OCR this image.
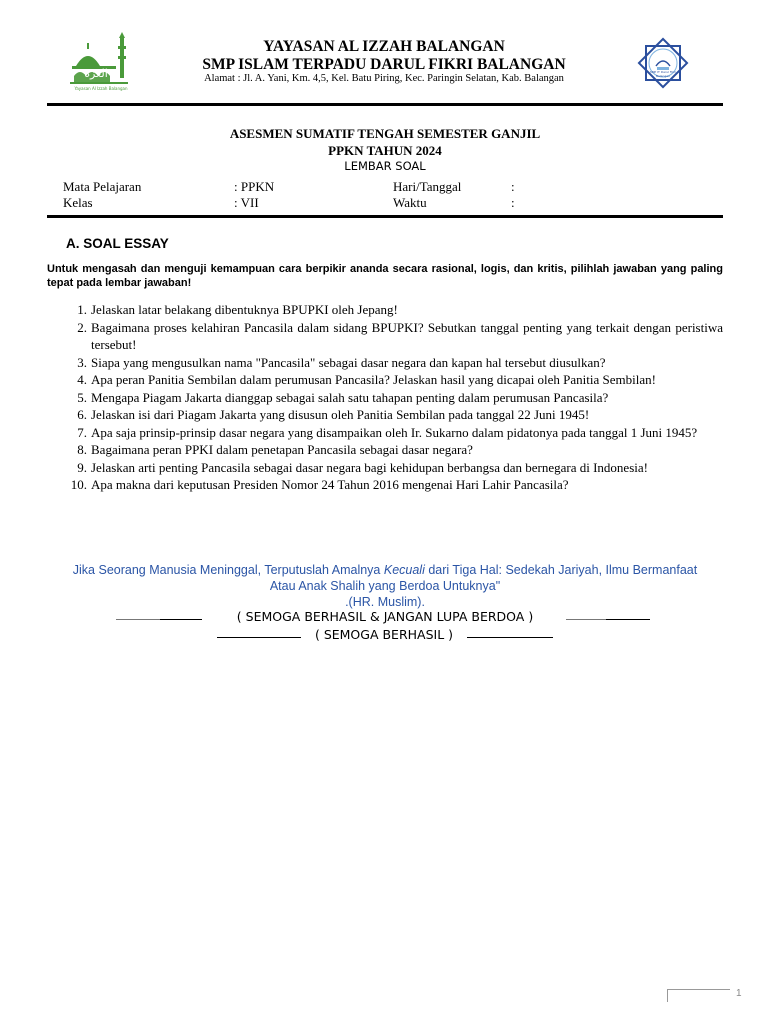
العزة
Yayasan Al Izzah Balangan
YAYASAN AL IZZAH BALANGAN
SMP ISLAM TERPADU DARUL FIKRI BALANGAN
Alamat : Jl. A. Yani, Km. 4,5, Kel. Batu Piring, Kec. Paringin Selatan, Kab. Balangan
SMP IT Darul Fikri Balangan
ASESMEN SUMATIF TENGAH SEMESTER GANJIL
PPKN TAHUN 2024
LEMBAR SOAL
Mata Pelajaran	: PPKN	Hari/Tanggal	:
Kelas	: VII	Waktu	:
A. SOAL ESSAY
Untuk mengasah dan menguji kemampuan cara berpikir ananda secara rasional, logis, dan kritis, pilihlah jawaban yang paling tepat pada lembar jawaban!
1. Jelaskan latar belakang dibentuknya BPUPKI oleh Jepang!
2. Bagaimana proses kelahiran Pancasila dalam sidang BPUPKI? Sebutkan tanggal penting yang terkait dengan peristiwa tersebut!
3. Siapa yang mengusulkan nama "Pancasila" sebagai dasar negara dan kapan hal tersebut diusulkan?
4. Apa peran Panitia Sembilan dalam perumusan Pancasila? Jelaskan hasil yang dicapai oleh Panitia Sembilan!
5. Mengapa Piagam Jakarta dianggap sebagai salah satu tahapan penting dalam perumusan Pancasila?
6. Jelaskan isi dari Piagam Jakarta yang disusun oleh Panitia Sembilan pada tanggal 22 Juni 1945!
7. Apa saja prinsip-prinsip dasar negara yang disampaikan oleh Ir. Sukarno dalam pidatonya pada tanggal 1 Juni 1945?
8. Bagaimana peran PPKI dalam penetapan Pancasila sebagai dasar negara?
9. Jelaskan arti penting Pancasila sebagai dasar negara bagi kehidupan berbangsa dan bernegara di Indonesia!
10. Apa makna dari keputusan Presiden Nomor 24 Tahun 2016 mengenai Hari Lahir Pancasila?
Jika Seorang Manusia Meninggal, Terputuslah Amalnya Kecuali dari Tiga Hal: Sedekah Jariyah, Ilmu Bermanfaat
Atau Anak Shalih yang Berdoa Untuknya"
.(HR. Muslim).
( SEMOGA BERHASIL & JANGAN LUPA BERDOA )
( SEMOGA BERHASIL )
1
